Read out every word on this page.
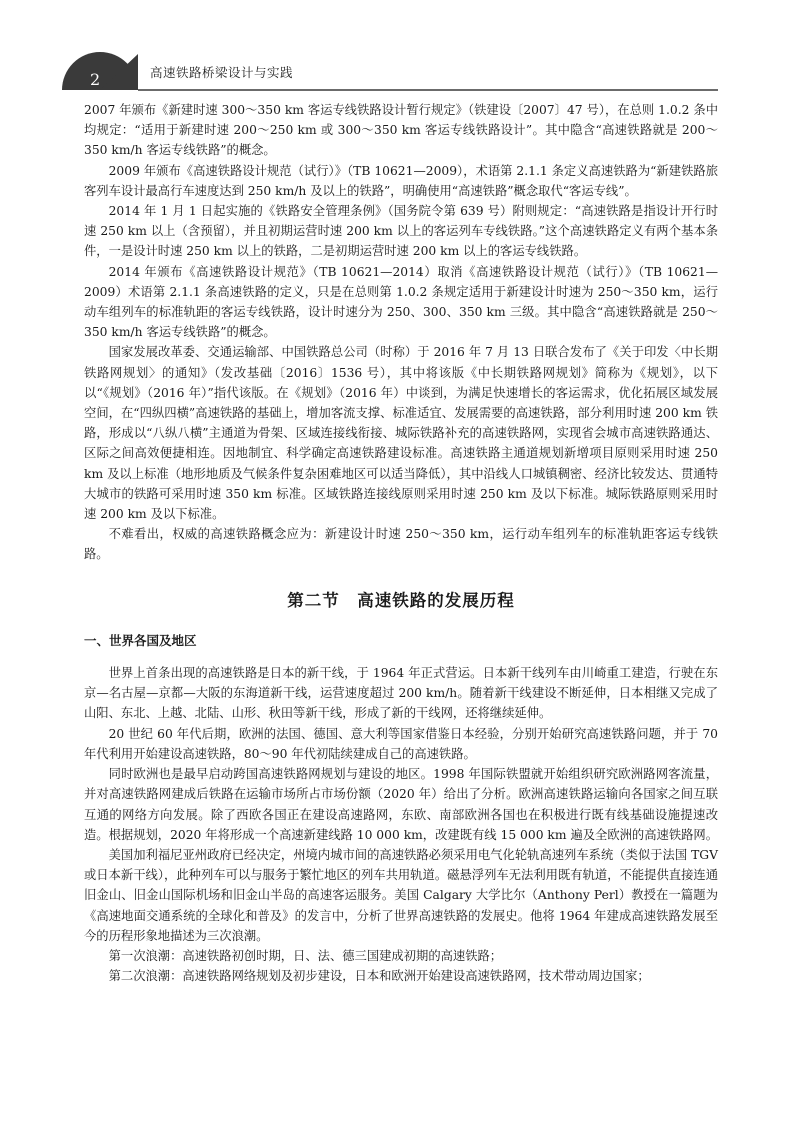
2	高速铁路桥梁设计与实践

2007 年颁布《新建时速 300～350 km 客运专线铁路设计暂行规定》（铁建设〔2007〕47 号），在总则 1.0.2 条中均规定：“适用于新建时速 200～250 km 或 300～350 km 客运专线铁路设计”。其中隐含“高速铁路就是 200～350 km/h 客运专线铁路”的概念。

2009 年颁布《高速铁路设计规范（试行）》（TB 10621—2009），术语第 2.1.1 条定义高速铁路为“新建铁路旅客列车设计最高行车速度达到 250 km/h 及以上的铁路”，明确使用“高速铁路”概念取代“客运专线”。

2014 年 1 月 1 日起实施的《铁路安全管理条例》（国务院令第 639 号）附则规定：“高速铁路是指设计开行时速 250 km 以上（含预留），并且初期运营时速 200 km 以上的客运列车专线铁路。”这个高速铁路定义有两个基本条件，一是设计时速 250 km 以上的铁路，二是初期运营时速 200 km 以上的客运专线铁路。

2014 年颁布《高速铁路设计规范》（TB 10621—2014）取消《高速铁路设计规范（试行）》（TB 10621—2009）术语第 2.1.1 条高速铁路的定义，只是在总则第 1.0.2 条规定适用于新建设计时速为 250～350 km，运行动车组列车的标准轨距的客运专线铁路，设计时速分为 250、300、350 km 三级。其中隐含“高速铁路就是 250～350 km/h 客运专线铁路”的概念。

国家发展改革委、交通运输部、中国铁路总公司（时称）于 2016 年 7 月 13 日联合发布了《关于印发〈中长期铁路网规划〉的通知》（发改基础〔2016〕1536 号），其中将该版《中长期铁路网规划》简称为《规划》，以下以“《规划》（2016 年）”指代该版。在《规划》（2016 年）中谈到，为满足快速增长的客运需求，优化拓展区域发展空间，在“四纵四横”高速铁路的基础上，增加客流支撑、标准适宜、发展需要的高速铁路，部分利用时速 200 km 铁路，形成以“八纵八横”主通道为骨架、区域连接线衔接、城际铁路补充的高速铁路网，实现省会城市高速铁路通达、区际之间高效便捷相连。因地制宜、科学确定高速铁路建设标准。高速铁路主通道规划新增项目原则采用时速 250 km 及以上标准（地形地质及气候条件复杂困难地区可以适当降低），其中沿线人口城镇稠密、经济比较发达、贯通特大城市的铁路可采用时速 350 km 标准。区域铁路连接线原则采用时速 250 km 及以下标准。城际铁路原则采用时速 200 km 及以下标准。

不难看出，权威的高速铁路概念应为：新建设计时速 250～350 km，运行动车组列车的标准轨距客运专线铁路。

第二节　高速铁路的发展历程
一、世界各国及地区

世界上首条出现的高速铁路是日本的新干线，于 1964 年正式营运。日本新干线列车由川崎重工建造，行驶在东京—名古屋—京都—大阪的东海道新干线，运营速度超过 200 km/h。随着新干线建设不断延伸，日本相继又完成了山阳、东北、上越、北陆、山形、秋田等新干线，形成了新的干线网，还将继续延伸。

20 世纪 60 年代后期，欧洲的法国、德国、意大利等国家借鉴日本经验，分别开始研究高速铁路问题，并于 70 年代利用开始建设高速铁路，80～90 年代初陆续建成自己的高速铁路。

同时欧洲也是最早启动跨国高速铁路网规划与建设的地区。1998 年国际铁盟就开始组织研究欧洲路网客流量，并对高速铁路网建成后铁路在运输市场所占市场份额（2020 年）给出了分析。欧洲高速铁路运输向各国家之间互联互通的网络方向发展。除了西欧各国正在建设高速路网，东欧、南部欧洲各国也在积极进行既有线基础设施提速改造。根据规划，2020 年将形成一个高速新建线路 10 000 km，改建既有线 15 000 km 遍及全欧洲的高速铁路网。

美国加利福尼亚州政府已经决定，州境内城市间的高速铁路必须采用电气化轮轨高速列车系统（类似于法国 TGV 或日本新干线），此种列车可以与服务于繁忙地区的列车共用轨道。磁悬浮列车无法利用既有轨道，不能提供直接连通旧金山、旧金山国际机场和旧金山半岛的高速客运服务。美国 Calgary 大学比尔（Anthony Perl）教授在一篇题为《高速地面交通系统的全球化和普及》的发言中，分析了世界高速铁路的发展史。他将 1964 年建成高速铁路发展至今的历程形象地描述为三次浪潮。

第一次浪潮：高速铁路初创时期，日、法、德三国建成初期的高速铁路；

第二次浪潮：高速铁路网络规划及初步建设，日本和欧洲开始建设高速铁路网，技术带动周边国家；
